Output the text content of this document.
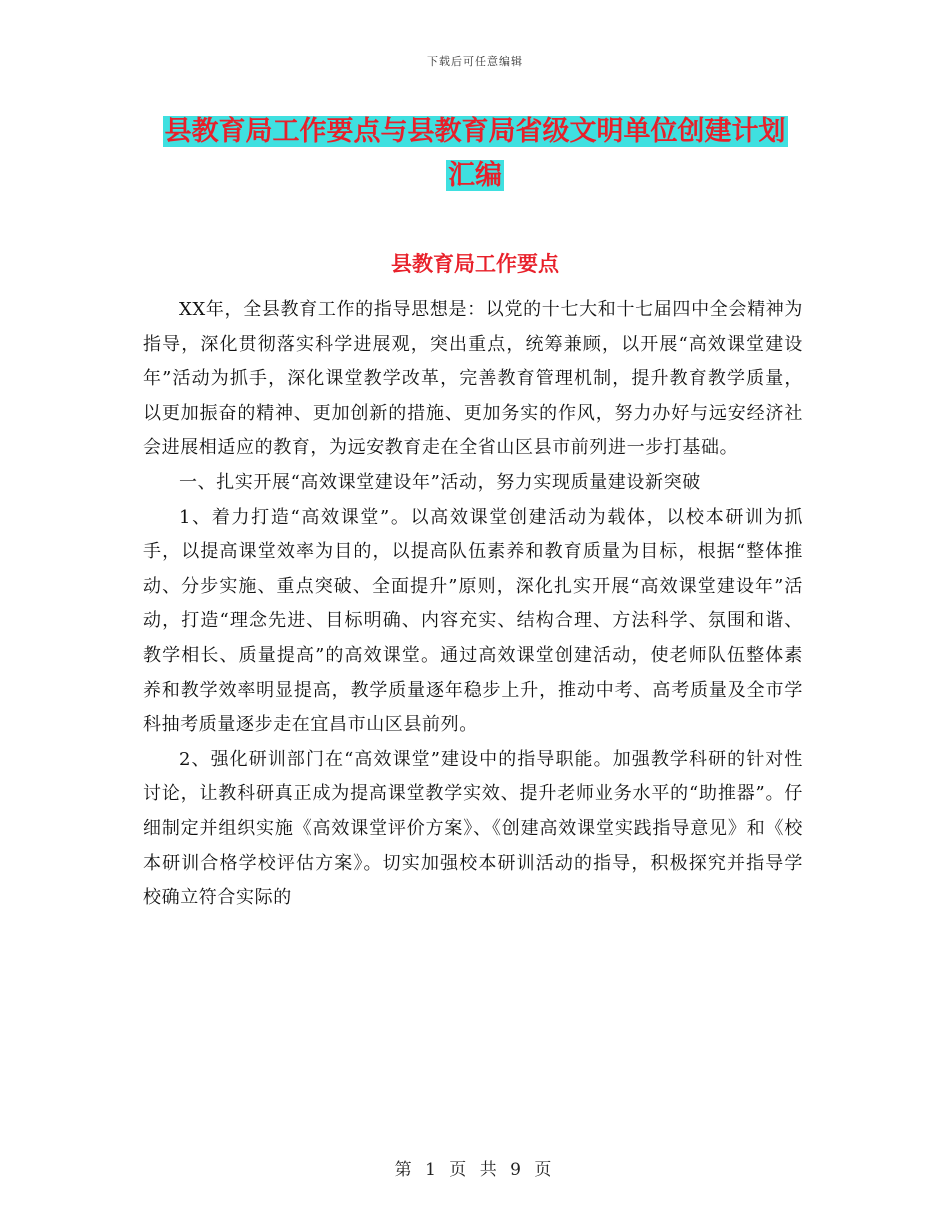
下载后可任意编辑
县教育局工作要点与县教育局省级文明单位创建计划
汇编
县教育局工作要点

XX年，全县教育工作的指导思想是：以党的十七大和十七届四中全会精神为指导，深化贯彻落实科学进展观，突出重点，统筹兼顾，以开展“高效课堂建设年”活动为抓手，深化课堂教学改革，完善教育管理机制，提升教育教学质量，以更加振奋的精神、更加创新的措施、更加务实的作风，努力办好与远安经济社会进展相适应的教育，为远安教育走在全省山区县市前列进一步打基础。

一、扎实开展“高效课堂建设年”活动，努力实现质量建设新突破

1、着力打造“高效课堂”。以高效课堂创建活动为载体，以校本研训为抓手，以提高课堂效率为目的，以提高队伍素养和教育质量为目标，根据“整体推动、分步实施、重点突破、全面提升”原则，深化扎实开展“高效课堂建设年”活动，打造“理念先进、目标明确、内容充实、结构合理、方法科学、氛围和谐、教学相长、质量提高”的高效课堂。通过高效课堂创建活动，使老师队伍整体素养和教学效率明显提高，教学质量逐年稳步上升，推动中考、高考质量及全市学科抽考质量逐步走在宜昌市山区县前列。

2、强化研训部门在“高效课堂”建设中的指导职能。加强教学科研的针对性讨论，让教科研真正成为提高课堂教学实效、提升老师业务水平的“助推器”。仔细制定并组织实施《高效课堂评价方案》、《创建高效课堂实践指导意见》和《校本研训合格学校评估方案》。切实加强校本研训活动的指导，积极探究并指导学校确立符合实际的

第 1 页 共 9 页
